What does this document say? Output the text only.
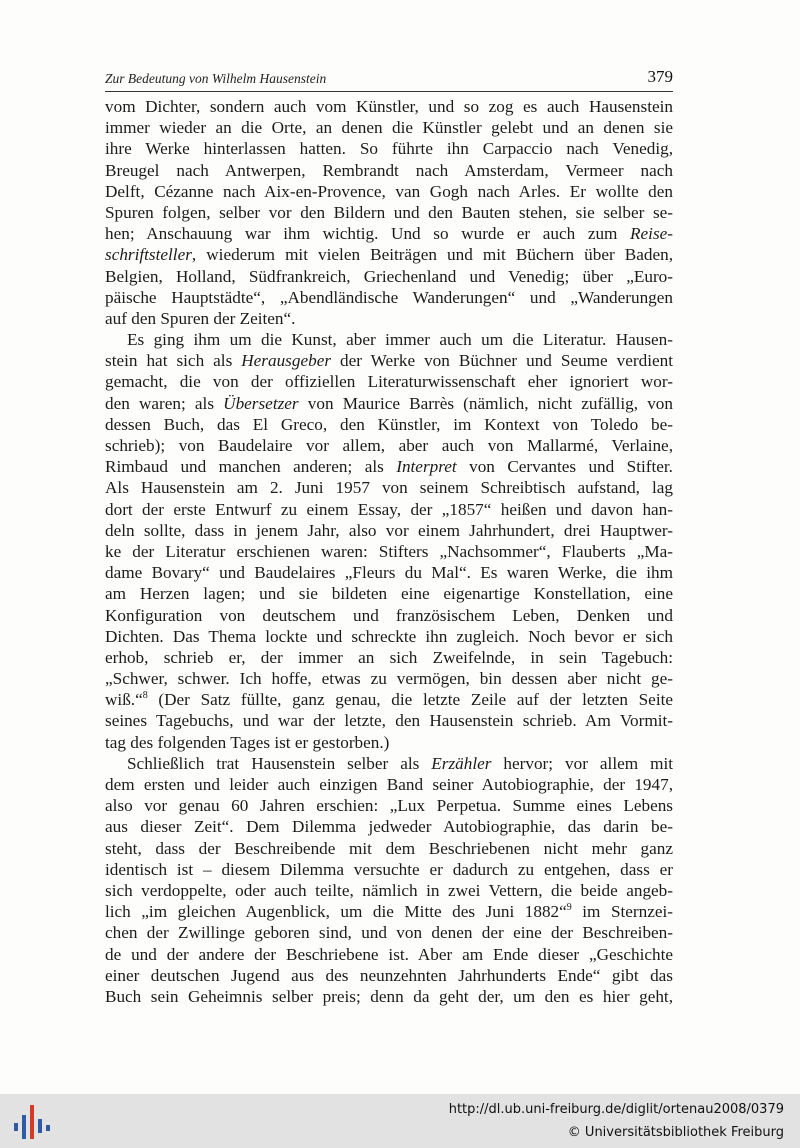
Zur Bedeutung von Wilhelm Hausenstein	379
vom Dichter, sondern auch vom Künstler, und so zog es auch Hausenstein
immer wieder an die Orte, an denen die Künstler gelebt und an denen sie
ihre Werke hinterlassen hatten. So führte ihn Carpaccio nach Venedig,
Breugel nach Antwerpen, Rembrandt nach Amsterdam, Vermeer nach
Delft, Cézanne nach Aix-en-Provence, van Gogh nach Arles. Er wollte den
Spuren folgen, selber vor den Bildern und den Bauten stehen, sie selber se-
hen; Anschauung war ihm wichtig. Und so wurde er auch zum Reise-
schriftsteller, wiederum mit vielen Beiträgen und mit Büchern über Baden,
Belgien, Holland, Südfrankreich, Griechenland und Venedig; über „Euro-
päische Hauptstädte“, „Abendländische Wanderungen“ und „Wanderungen
auf den Spuren der Zeiten“.
Es ging ihm um die Kunst, aber immer auch um die Literatur. Hausen-
stein hat sich als Herausgeber der Werke von Büchner und Seume verdient
gemacht, die von der offiziellen Literaturwissenschaft eher ignoriert wor-
den waren; als Übersetzer von Maurice Barrès (nämlich, nicht zufällig, von
dessen Buch, das El Greco, den Künstler, im Kontext von Toledo be-
schrieb); von Baudelaire vor allem, aber auch von Mallarmé, Verlaine,
Rimbaud und manchen anderen; als Interpret von Cervantes und Stifter.
Als Hausenstein am 2. Juni 1957 von seinem Schreibtisch aufstand, lag
dort der erste Entwurf zu einem Essay, der „1857“ heißen und davon han-
deln sollte, dass in jenem Jahr, also vor einem Jahrhundert, drei Hauptwer-
ke der Literatur erschienen waren: Stifters „Nachsommer“, Flauberts „Ma-
dame Bovary“ und Baudelaires „Fleurs du Mal“. Es waren Werke, die ihm
am Herzen lagen; und sie bildeten eine eigenartige Konstellation, eine
Konfiguration von deutschem und französischem Leben, Denken und
Dichten. Das Thema lockte und schreckte ihn zugleich. Noch bevor er sich
erhob, schrieb er, der immer an sich Zweifelnde, in sein Tagebuch:
„Schwer, schwer. Ich hoffe, etwas zu vermögen, bin dessen aber nicht ge-
wiß.“$^8$ (Der Satz füllte, ganz genau, die letzte Zeile auf der letzten Seite
seines Tagebuchs, und war der letzte, den Hausenstein schrieb. Am Vormit-
tag des folgenden Tages ist er gestorben.)
Schließlich trat Hausenstein selber als Erzähler hervor; vor allem mit
dem ersten und leider auch einzigen Band seiner Autobiographie, der 1947,
also vor genau 60 Jahren erschien: „Lux Perpetua. Summe eines Lebens
aus dieser Zeit“. Dem Dilemma jedweder Autobiographie, das darin be-
steht, dass der Beschreibende mit dem Beschriebenen nicht mehr ganz
identisch ist – diesem Dilemma versuchte er dadurch zu entgehen, dass er
sich verdoppelte, oder auch teilte, nämlich in zwei Vettern, die beide angeb-
lich „im gleichen Augenblick, um die Mitte des Juni 1882“$^9$ im Sternzei-
chen der Zwillinge geboren sind, und von denen der eine der Beschreiben-
de und der andere der Beschriebene ist. Aber am Ende dieser „Geschichte
einer deutschen Jugend aus des neunzehnten Jahrhunderts Ende“ gibt das
Buch sein Geheimnis selber preis; denn da geht der, um den es hier geht,
http://dl.ub.uni-freiburg.de/diglit/ortenau2008/0379
© Universitätsbibliothek Freiburg
